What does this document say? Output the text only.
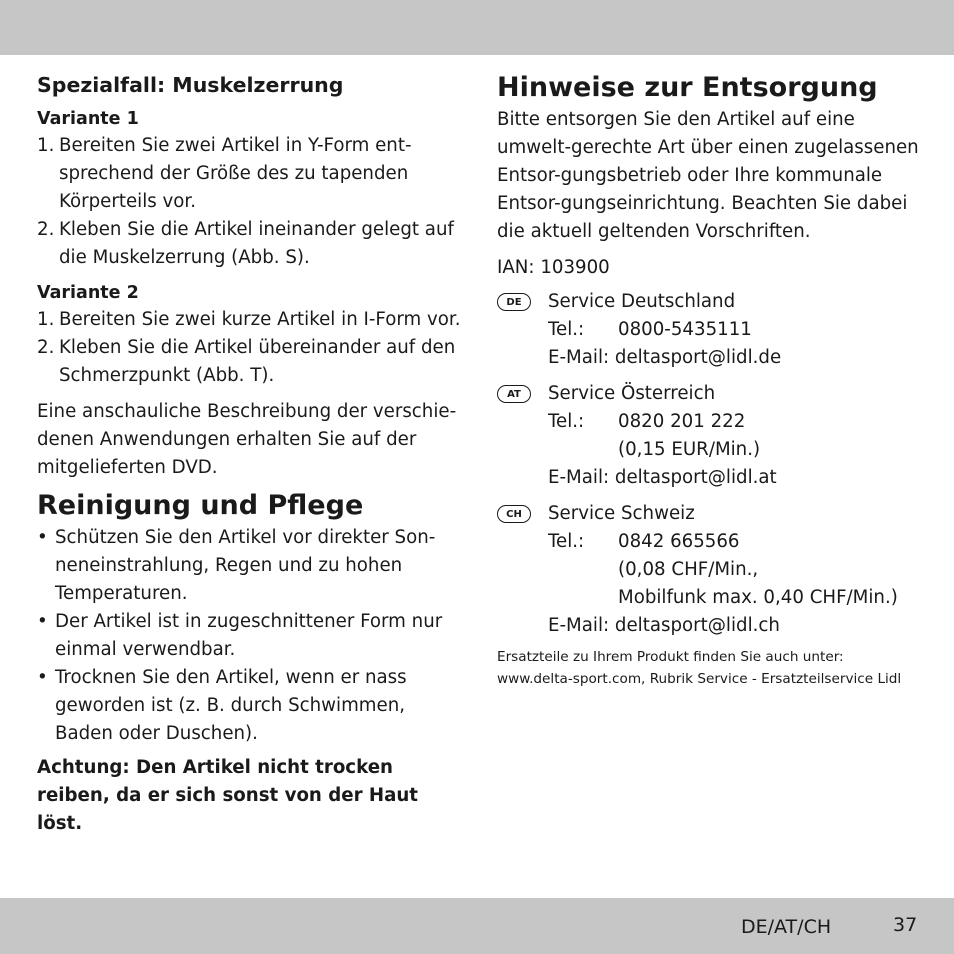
Spezialfall: Muskelzerrung
Variante 1
1. Bereiten Sie zwei Artikel in Y-Form ent-sprechend der Größe des zu tapenden Körperteils vor.
2. Kleben Sie die Artikel ineinander gelegt auf die Muskelzerrung (Abb. S).
Variante 2
1. Bereiten Sie zwei kurze Artikel in I-Form vor.
2. Kleben Sie die Artikel übereinander auf den Schmerzpunkt (Abb. T).

Eine anschauliche Beschreibung der verschie-denen Anwendungen erhalten Sie auf der mitgelieferten DVD.

Reinigung und Pflege
• Schützen Sie den Artikel vor direkter Son-neneinstrahlung, Regen und zu hohen Temperaturen.
• Der Artikel ist in zugeschnittener Form nur einmal verwendbar.
• Trocknen Sie den Artikel, wenn er nass geworden ist (z. B. durch Schwimmen, Baden oder Duschen).

Achtung: Den Artikel nicht trocken reiben, da er sich sonst von der Haut löst.

Hinweise zur Entsorgung

Bitte entsorgen Sie den Artikel auf eine umwelt-gerechte Art über einen zugelassenen Entsor-gungsbetrieb oder Ihre kommunale Entsor-gungseinrichtung. Beachten Sie dabei die aktuell geltenden Vorschriften.

IAN: 103900

DE	Service Deutschland
Tel.:	0800-5435111
E-Mail: deltasport@lidl.de
AT	Service Österreich
Tel.:	0820 201 222
(0,15 EUR/Min.)
E-Mail: deltasport@lidl.at
CH	Service Schweiz
Tel.:	0842 665566
(0,08 CHF/Min.,
Mobilfunk max. 0,40 CHF/Min.)
E-Mail: deltasport@lidl.ch

Ersatzteile zu Ihrem Produkt finden Sie auch unter:

www.delta-sport.com, Rubrik Service - Ersatzteilservice Lidl

DE/AT/CH	37
